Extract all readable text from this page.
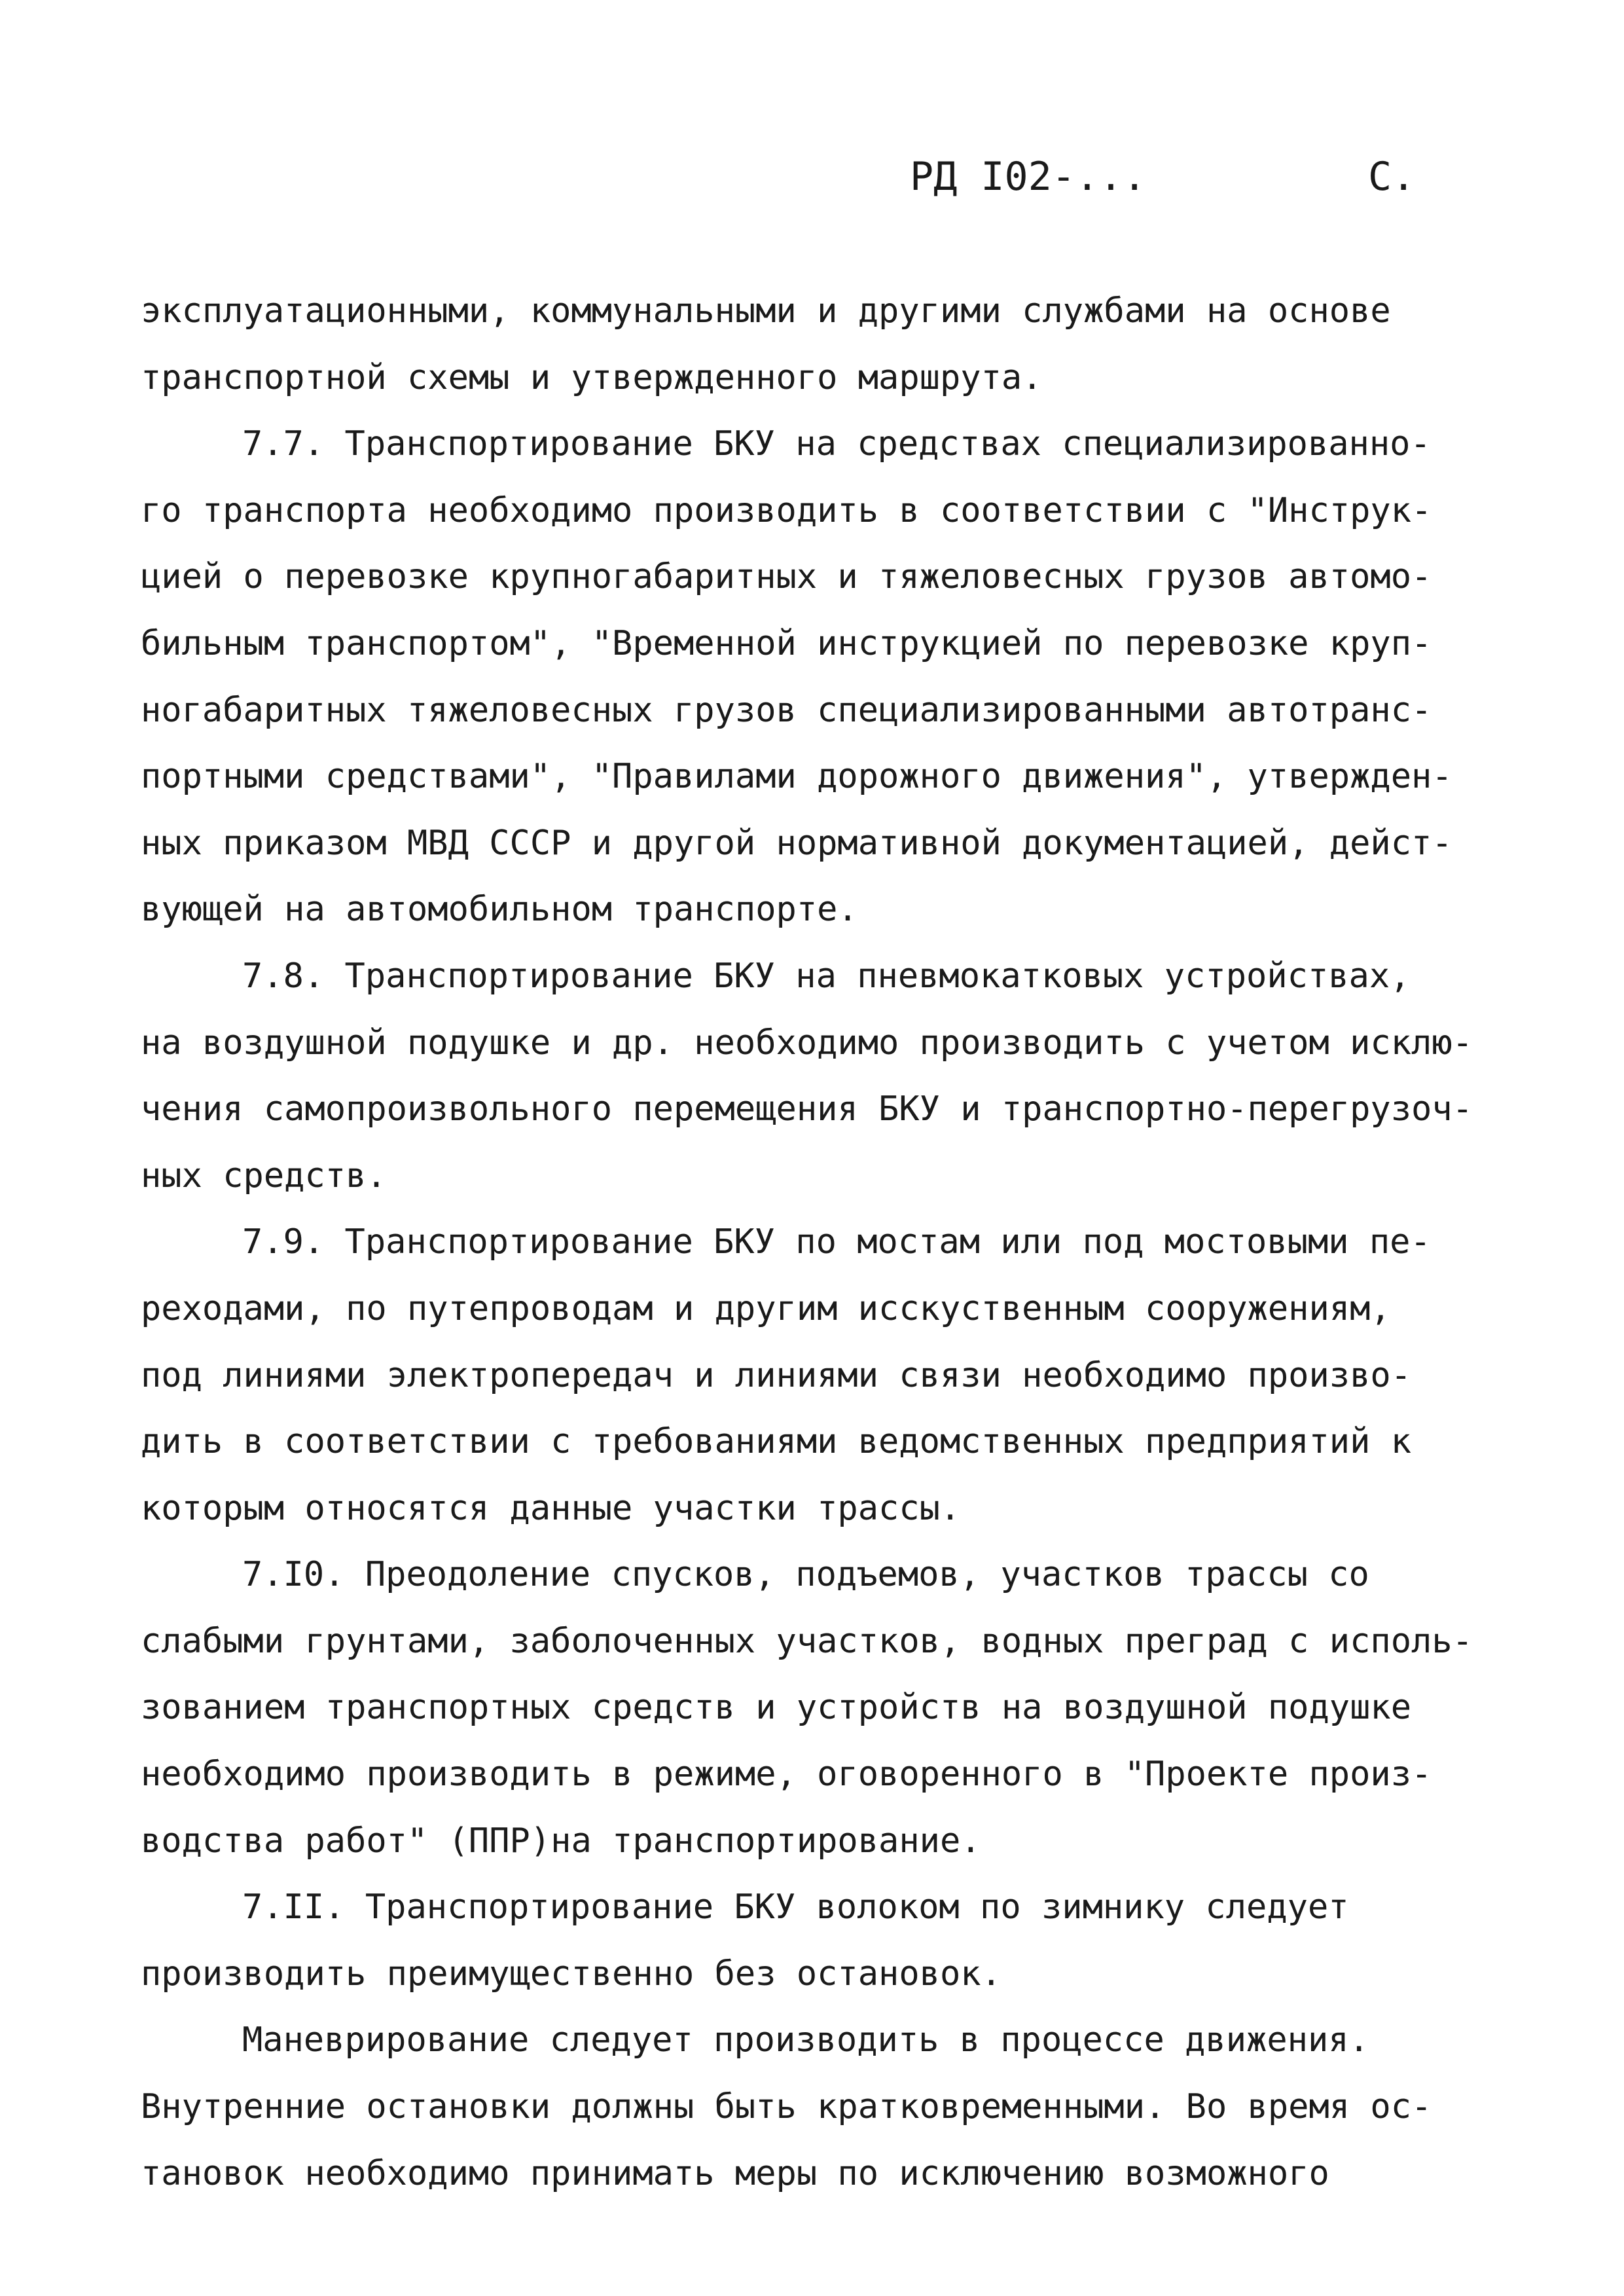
РД I02-...	С.
эксплуатационными, коммунальными и другими службами на основе
транспортной схемы и утвержденного маршрута.
7.7. Транспортирование БКУ на средствах специализированно-
го транспорта необходимо производить в соответствии с "Инструк-
цией о перевозке крупногабаритных и тяжеловесных грузов автомо-
бильным транспортом", "Временной инструкцией по перевозке круп-
ногабаритных тяжеловесных грузов специализированными автотранс-
портными средствами", "Правилами дорожного движения", утвержден-
ных приказом МВД СССР и другой нормативной документацией, дейст-
вующей на автомобильном транспорте.
7.8. Транспортирование БКУ на пневмокатковых устройствах,
на воздушной подушке и др. необходимо производить с учетом исклю-
чения самопроизвольного перемещения БКУ и транспортно-перегрузоч-
ных средств.
7.9. Транспортирование БКУ по мостам или под мостовыми пе-
реходами, по путепроводам и другим исскуственным сооружениям,
под линиями электропередач и линиями связи необходимо произво-
дить в соответствии с требованиями ведомственных предприятий к
которым относятся данные участки трассы.
7.I0. Преодоление спусков, подъемов, участков трассы со
слабыми грунтами, заболоченных участков, водных преград с исполь-
зованием транспортных средств и устройств на воздушной подушке
необходимо производить в режиме, оговоренного в "Проекте произ-
водства работ" (ППР)на транспортирование.
7.II. Транспортирование БКУ волоком по зимнику следует
производить преимущественно без остановок.
Маневрирование следует производить в процессе движения.
Внутренние остановки должны быть кратковременными. Во время ос-
тановок необходимо принимать меры по исключению возможного
